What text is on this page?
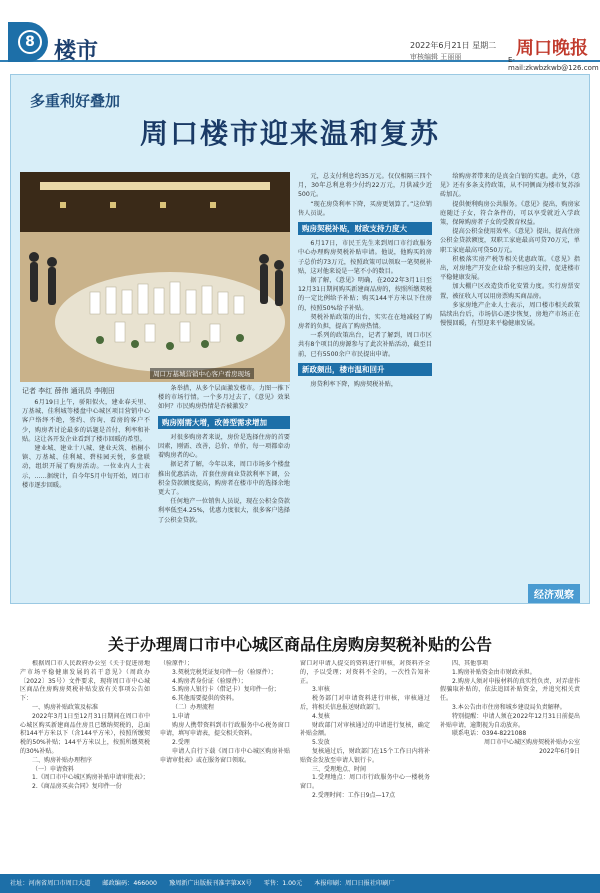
8 楼市	2022年6月21日 星期二
审核编辑 王丽丽	周口晚报
E-mail:zkwbzkwb@126.com
多重利好叠加
周口楼市迎来温和复苏
周口万基城营销中心客户看房现场
记者 李红 薛伟 通讯员 李刚田

6月19日上午，骄阳似火，建业春天里、万基城、佳利城等楼盘中心城区项目营销中心客户络绎不绝，签约、咨询、看房的客户不少，购房者讨论最多的话题是首付、利率和补贴。这让各开发企业看到了楼市回暖的希望。

建业城、建业十八城、建业天筑、梧桐小镇、万基城、佳利城、碧桂园天悦，多盘联动，组织开展了购房活动。一位业内人士表示，……据统计，自今年5月中旬开始，周口市楼市逐步回暖。

条举措，从多个层面激发楼市。力图一推下楼的市场行情。一个多月过去了，《意见》效果如何？市民购房热情是否被激发？

购房刚需大增，改善型需求增加

对很多购房者来说，房价是选择住房的首要因素，刚需、改善，总价、单价，每一项都牵动着购房者的心。

据记者了解，今年以来，周口市场多个楼盘推出优惠活动，首套住房商业贷款利率下调，公积金贷款额度提高，购房者在楼市中的选择余地更大了。

任何地产一位销售人员说，现在公积金贷款利率低至4.25%，优惠力度很大，很多客户选择了公积金贷款。

元，总支付利息约35万元。仅仅相隔三四个月，30年总利息将少付约22万元，月供减少近500元。

“现在房贷利率下降，买房更划算了。”这位销售人员说。

购房契税补贴，财政支持力度大

6月17日，市民王先生来到周口市行政服务中心办理购房契税补贴申请。他说，他购买的房子总价约73万元，按照政策可以领取一笔契税补贴，这对他来说是一笔不小的数目。

据了解，《意见》明确，在2022年3月1日至12月31日期间购买新建商品房的，按照所缴契税的一定比例给予补贴；购买144平方米以下住房的，按照50%给予补贴。

契税补贴政策的出台，实实在在地减轻了购房者的负担，提高了购房热情。

一系列的政策出台，记者了解到，周口市区共有8个项目的房源参与了此次补贴活动，截至目前，已有5500余户市民提出申请。

新政频出，楼市温和回升

房贷利率下降，购房契税补贴，

给购房者带来的是真金白银的实惠。此外，《意见》还有多条支持政策，从不同侧面为楼市复苏添砖加瓦。

提供便利购房公共服务。《意见》提出，购房家庭随迁子女，符合条件的，可以享受就近入学政策，保障购房者子女的受教育权益。

提高公积金使用效率。《意见》提出，提高住房公积金贷款额度，双职工家庭最高可贷70万元，单职工家庭最高可贷50万元。

积极落实房产税等相关优惠政策。《意见》指出，对房地产开发企业给予相应的支持，促进楼市平稳健康发展。

加大棚户区改造货币化安置力度。实行房票安置，被征收人可以用房票购买商品房。

多家房地产企业人士表示，周口楼市相关政策陆续出台后，市场信心逐步恢复，房地产市场正在慢慢回暖，有望迎来平稳健康发展。

经济观察
关于办理周口市中心城区商品住房购房契税补贴的公告

根据周口市人民政府办公室《关于促进房地产市场平稳健康发展的若干意见》（周政办〔2022〕35号）文件要求，现将周口市中心城区商品住房购房契税补贴发放有关事项公告如下：

一、购房补贴政策及标准

2022年3月1日至12月31日期间在周口市中心城区购买新建商品住房且已缴纳契税的，总面积144平方米以下（含144平方米），按照所缴契税的50%补贴；144平方米以上，按照所缴契税的30%补贴。

二、购房补贴办理程序

（一）申请资料

1.《周口市中心城区购房补贴申请审批表》；

2.《商品房买卖合同》复印件一份

（验原件）；

3.契税完税凭证复印件一份（验原件）；

4.购房者身份证（验原件）；

5.购房人银行卡（借记卡）复印件一份；

6.其他需要提供的资料。

（二）办理流程

1.申请

购房人携带资料到市行政服务中心税务窗口申请，填写申请表，提交相关资料。

2.受理

申请人自行下载《周口市中心城区购房补贴申请审批表》或在服务窗口领取。

窗口对申请人提交的资料进行审核，对资料齐全的，予以受理；对资料不全的，一次性告知补正。

3.审核

税务部门对申请资料进行审核，审核通过后，将相关信息报送财政部门。

4.复核

财政部门对审核通过的申请进行复核，确定补贴金额。

5.发放

复核通过后，财政部门在15个工作日内将补贴资金发放至申请人银行卡。

三、受理地点、时间

1.受理地点：周口市行政服务中心一楼税务窗口。

2.受理时间：工作日9点—17点

四、其他事项

1.购房补贴资金由市财政承担。

2.购房人须对申报材料的真实性负责，对弄虚作假骗取补贴的，依法追回补贴资金，并追究相关责任。

3.本公告由市住房和城乡建设局负责解释。

特别提醒：申请人须在2022年12月31日前提出补贴申请，逾期视为自动放弃。

联系电话：0394-8221088

周口市中心城区购房契税补贴办公室

2022年6月9日

社址：河南省周口市周口大道 邮政编码：466000 豫周新广出版报刊准字第XX号 零售：1.00元 本报印刷：周口日报社印刷厂
